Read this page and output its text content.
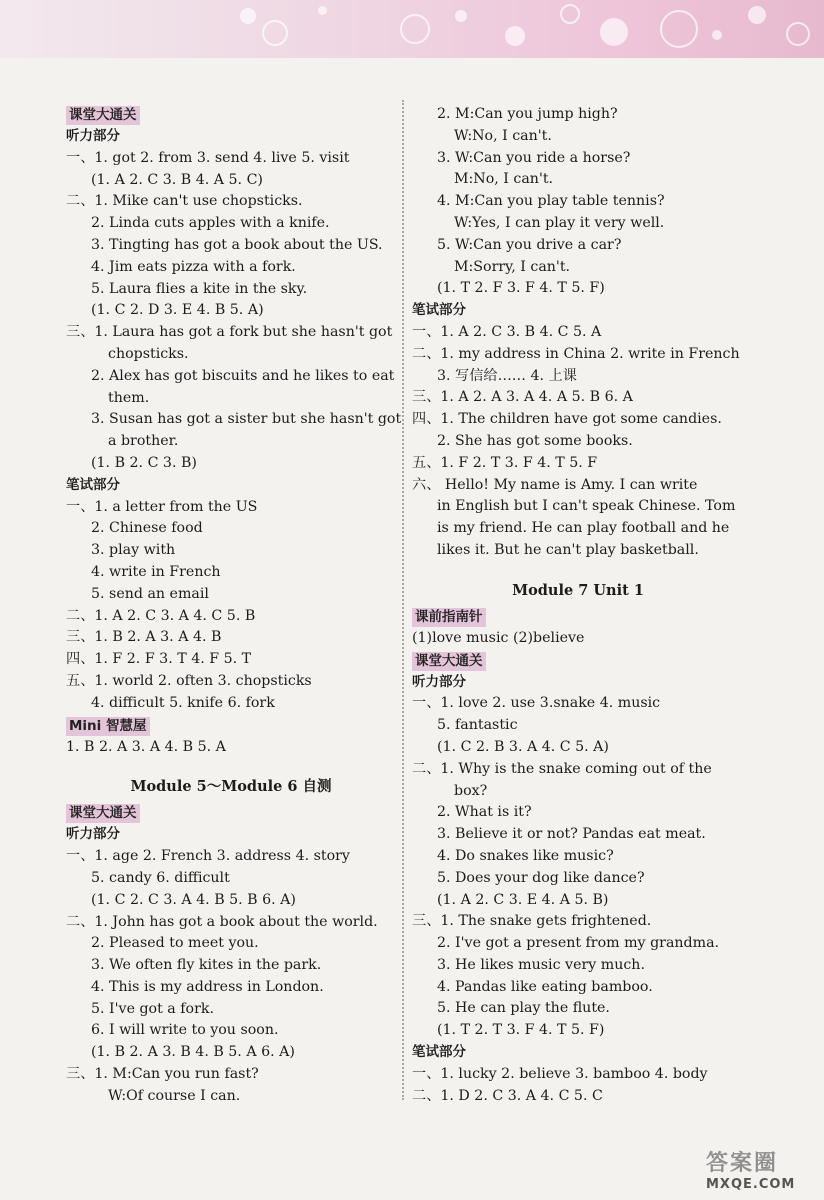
课堂大通关
听力部分
一、1. got 2. from 3. send 4. live 5. visit
(1. A 2. C 3. B 4. A 5. C)
二、1. Mike can't use chopsticks.
2. Linda cuts apples with a knife.
3. Tingting has got a book about the US.
4. Jim eats pizza with a fork.
5. Laura flies a kite in the sky.
(1. C 2. D 3. E 4. B 5. A)
三、1. Laura has got a fork but she hasn't got
chopsticks.
2. Alex has got biscuits and he likes to eat
them.
3. Susan has got a sister but she hasn't got
a brother.
(1. B 2. C 3. B)
笔试部分
一、1. a letter from the US
2. Chinese food
3. play with
4. write in French
5. send an email
二、1. A 2. C 3. A 4. C 5. B
三、1. B 2. A 3. A 4. B
四、1. F 2. F 3. T 4. F 5. T
五、1. world 2. often 3. chopsticks
4. difficult 5. knife 6. fork
Mini 智慧屋
1. B 2. A 3. A 4. B 5. A
Module 5～Module 6 自测
课堂大通关
听力部分
一、1. age 2. French 3. address 4. story
5. candy 6. difficult
(1. C 2. C 3. A 4. B 5. B 6. A)
二、1. John has got a book about the world.
2. Pleased to meet you.
3. We often fly kites in the park.
4. This is my address in London.
5. I've got a fork.
6. I will write to you soon.
(1. B 2. A 3. B 4. B 5. A 6. A)
三、1. M:Can you run fast?
W:Of course I can.
2. M:Can you jump high?
W:No, I can't.
3. W:Can you ride a horse?
M:No, I can't.
4. M:Can you play table tennis?
W:Yes, I can play it very well.
5. W:Can you drive a car?
M:Sorry, I can't.
(1. T 2. F 3. F 4. T 5. F)
笔试部分
一、1. A 2. C 3. B 4. C 5. A
二、1. my address in China 2. write in French
3. 写信给…… 4. 上课
三、1. A 2. A 3. A 4. A 5. B 6. A
四、1. The children have got some candies.
2. She has got some books.
五、1. F 2. T 3. F 4. T 5. F
六、 Hello! My name is Amy. I can write
in English but I can't speak Chinese. Tom
is my friend. He can play football and he
likes it. But he can't play basketball.
Module 7 Unit 1
课前指南针
(1)love music (2)believe
课堂大通关
听力部分
一、1. love 2. use 3.snake 4. music
5. fantastic
(1. C 2. B 3. A 4. C 5. A)
二、1. Why is the snake coming out of the
box?
2. What is it?
3. Believe it or not? Pandas eat meat.
4. Do snakes like music?
5. Does your dog like dance?
(1. A 2. C 3. E 4. A 5. B)
三、1. The snake gets frightened.
2. I've got a present from my grandma.
3. He likes music very much.
4. Pandas like eating bamboo.
5. He can play the flute.
(1. T 2. T 3. F 4. T 5. F)
笔试部分
一、1. lucky 2. believe 3. bamboo 4. body
二、1. D 2. C 3. A 4. C 5. C
答案圈
MXQE.COM
